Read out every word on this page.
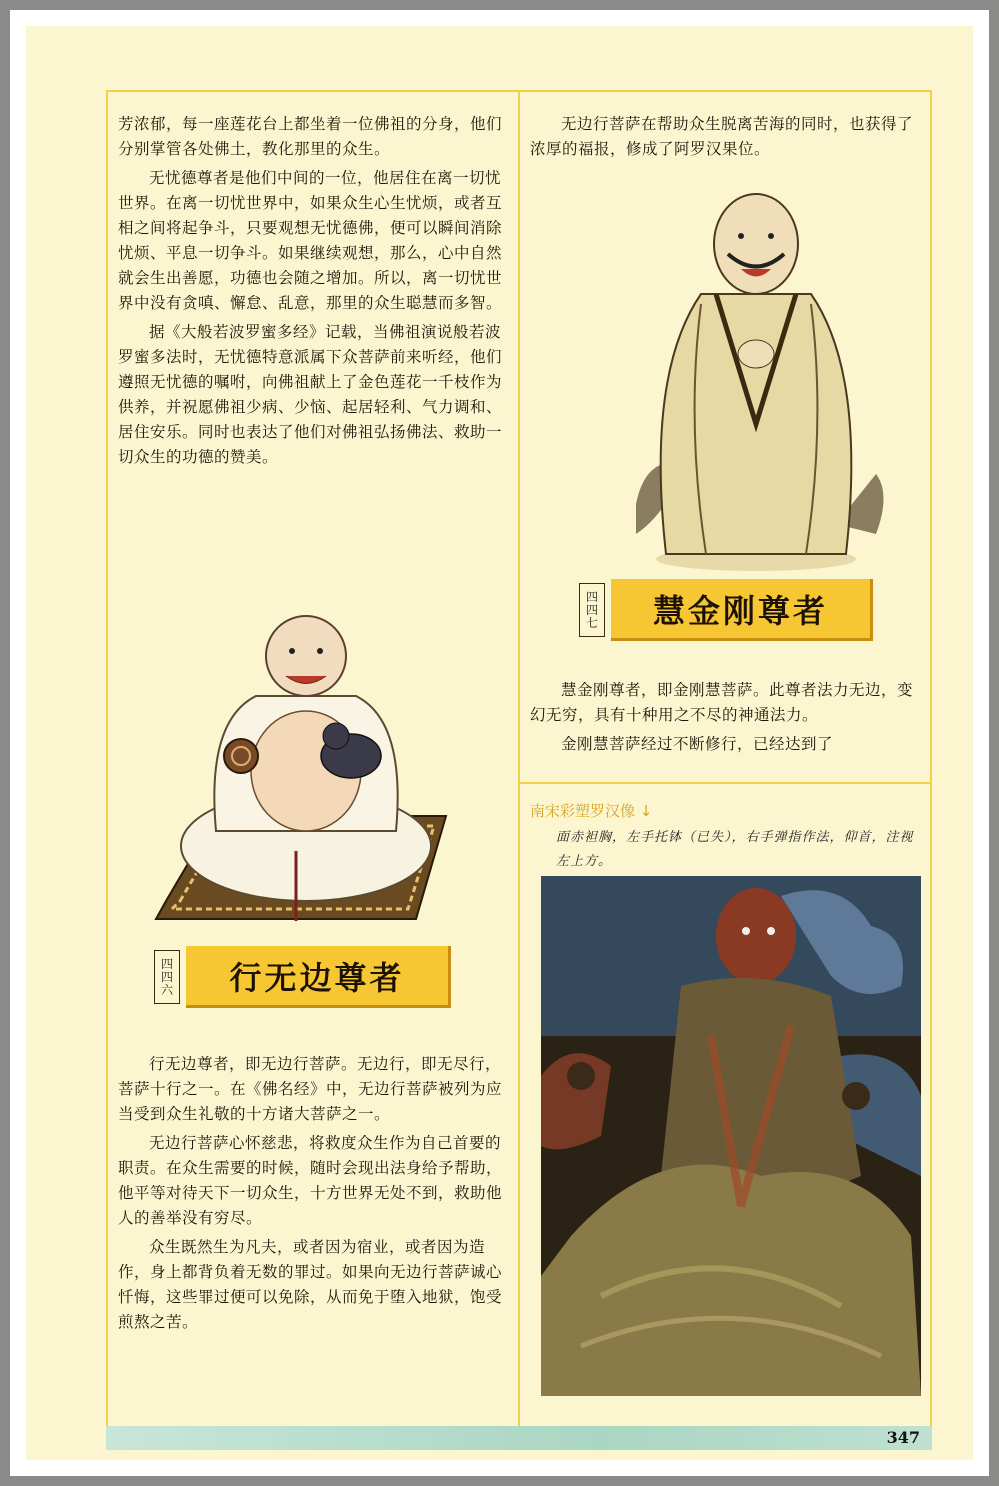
芳浓郁，每一座莲花台上都坐着一位佛祖的分身，他们分别掌管各处佛土，教化那里的众生。

无忧德尊者是他们中间的一位，他居住在离一切忧世界。在离一切忧世界中，如果众生心生忧烦，或者互相之间将起争斗，只要观想无忧德佛，便可以瞬间消除忧烦、平息一切争斗。如果继续观想，那么，心中自然就会生出善愿，功德也会随之增加。所以，离一切忧世界中没有贪嗔、懈怠、乱意，那里的众生聪慧而多智。

据《大般若波罗蜜多经》记载，当佛祖演说般若波罗蜜多法时，无忧德特意派属下众菩萨前来听经，他们遵照无忧德的嘱咐，向佛祖献上了金色莲花一千枝作为供养，并祝愿佛祖少病、少恼、起居轻利、气力调和、居住安乐。同时也表达了他们对佛祖弘扬佛法、救助一切众生的功德的赞美。

四
四
六	行无边尊者

行无边尊者，即无边行菩萨。无边行，即无尽行，菩萨十行之一。在《佛名经》中，无边行菩萨被列为应当受到众生礼敬的十方诸大菩萨之一。

无边行菩萨心怀慈悲，将救度众生作为自己首要的职责。在众生需要的时候，随时会现出法身给予帮助，他平等对待天下一切众生，十方世界无处不到，救助他人的善举没有穷尽。

众生既然生为凡夫，或者因为宿业，或者因为造作，身上都背负着无数的罪过。如果向无边行菩萨诚心忏悔，这些罪过便可以免除，从而免于堕入地狱，饱受煎熬之苦。

无边行菩萨在帮助众生脱离苦海的同时，也获得了浓厚的福报，修成了阿罗汉果位。

四
四
七	慧金刚尊者

慧金刚尊者，即金刚慧菩萨。此尊者法力无边，变幻无穷，具有十种用之不尽的神通法力。

金刚慧菩萨经过不断修行，已经达到了

南宋彩塑罗汉像 ↓
面赤袒胸，左手托钵（已失），右手弹指作法，仰首，注视左上方。
347
